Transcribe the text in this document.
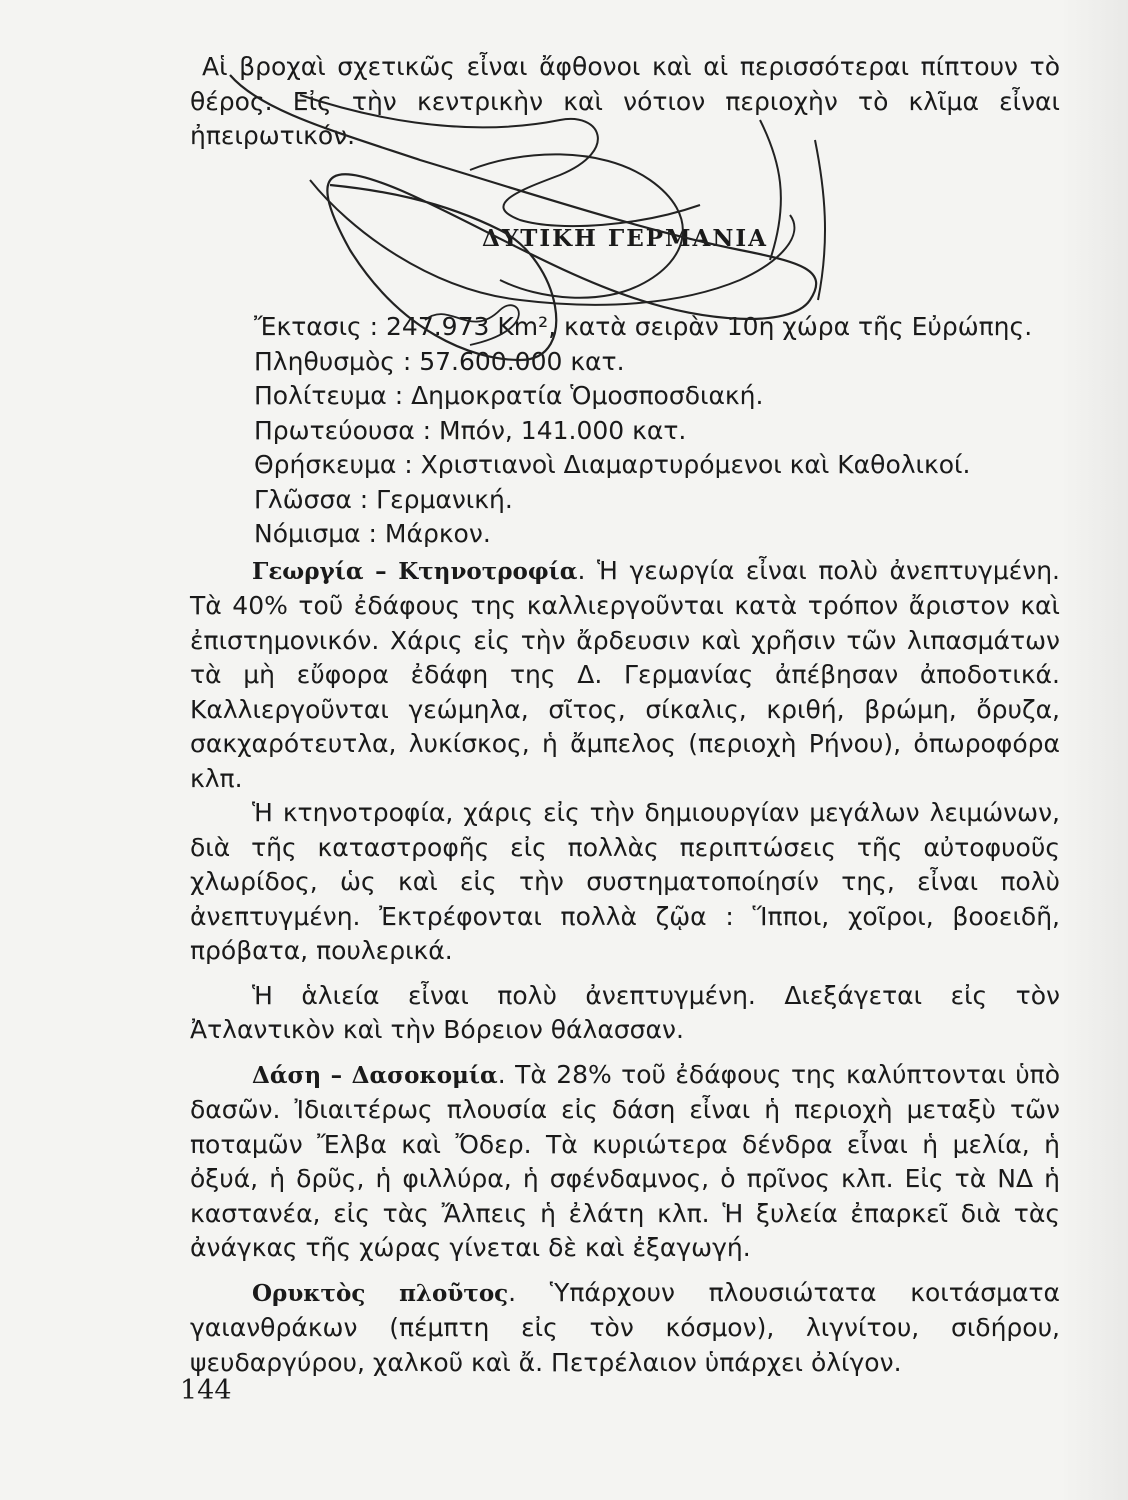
Αἱ βροχαὶ σχετικῶς εἶναι ἄφθονοι καὶ αἱ περισσότεραι πίπτουν τὸ θέρος. Εἰς τὴν κεντρικὴν καὶ νότιον περιοχὴν τὸ κλῖμα εἶναι ἠπειρωτικόν.

ΔΥΤΙΚΗ ΓΕΡΜΑΝΙΑ

Ἔκτασις : 247.973 Km², κατὰ σειρὰν 10η χώρα τῆς Εὐρώπης.
Πληθυσμὸς : 57.600.000 κατ.
Πολίτευμα : Δημοκρατία Ὁμοσποσδιακή.
Πρωτεύουσα : Μπόν, 141.000 κατ.
Θρήσκευμα : Χριστιανοὶ Διαμαρτυρόμενοι καὶ Καθολικοί.
Γλῶσσα : Γερμανική.
Νόμισμα : Μάρκον.

Γεωργία – Κτηνοτροφία. Ἡ γεωργία εἶναι πολὺ ἀνεπτυγμένη. Τὰ 40% τοῦ ἐδάφους της καλλιεργοῦνται κατὰ τρόπον ἄριστον καὶ ἐπιστημονικόν. Χάρις εἰς τὴν ἄρδευσιν καὶ χρῆσιν τῶν λιπασμάτων τὰ μὴ εὔφορα ἐδάφη της Δ. Γερμανίας ἀπέβησαν ἀποδοτικά. Καλλιεργοῦνται γεώμηλα, σῖτος, σίκαλις, κριθή, βρώμη, ὄρυζα, σακχαρότευτλα, λυκίσκος, ἡ ἄμπελος (περιοχὴ Ρήνου), ὀπωροφόρα κλπ.

Ἡ κτηνοτροφία, χάρις εἰς τὴν δημιουργίαν μεγάλων λειμώνων, διὰ τῆς καταστροφῆς εἰς πολλὰς περιπτώσεις τῆς αὐτοφυοῦς χλωρίδος, ὡς καὶ εἰς τὴν συστηματοποίησίν της, εἶναι πολὺ ἀνεπτυγμένη. Ἐκτρέφονται πολλὰ ζῷα : Ἵπποι, χοῖροι, βοοειδῆ, πρόβατα, πουλερικά.

Ἡ ἁλιεία εἶναι πολὺ ἀνεπτυγμένη. Διεξάγεται εἰς τὸν Ἀτλαντικὸν καὶ τὴν Βόρειον θάλασσαν.

Δάση – Δασοκομία. Τὰ 28% τοῦ ἐδάφους της καλύπτονται ὑπὸ δασῶν. Ἰδιαιτέρως πλουσία εἰς δάση εἶναι ἡ περιοχὴ μεταξὺ τῶν ποταμῶν Ἔλβα καὶ Ὄδερ. Τὰ κυριώτερα δένδρα εἶναι ἡ μελία, ἡ ὀξυά, ἡ δρῦς, ἡ φιλλύρα, ἡ σφένδαμνος, ὁ πρῖνος κλπ. Εἰς τὰ ΝΔ ἡ καστανέα, εἰς τὰς Ἄλπεις ἡ ἐλάτη κλπ. Ἡ ξυλεία ἐπαρκεῖ διὰ τὰς ἀνάγκας τῆς χώρας γίνεται δὲ καὶ ἐξαγωγή.

Ορυκτὸς πλοῦτος. Ὑπάρχουν πλουσιώτατα κοιτάσματα γαιανθράκων (πέμπτη εἰς τὸν κόσμον), λιγνίτου, σιδήρου, ψευδαργύρου, χαλκοῦ καὶ ἄ. Πετρέλαιον ὑπάρχει ὀλίγον.

144
